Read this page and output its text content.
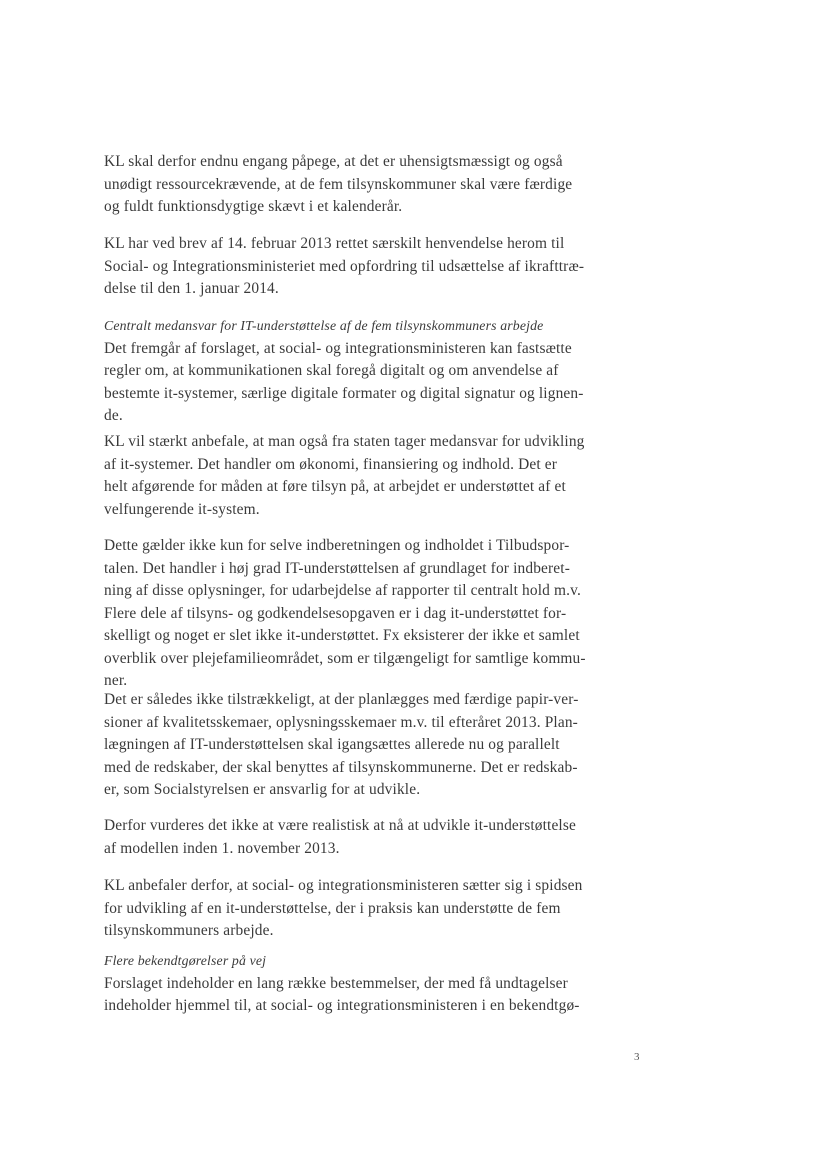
KL skal derfor endnu engang påpege, at det er uhensigtsmæssigt og også
unødigt ressourcekrævende, at de fem tilsynskommuner skal være færdige
og fuldt funktionsdygtige skævt i et kalenderår.
KL har ved brev af 14. februar 2013 rettet særskilt henvendelse herom til
Social- og Integrationsministeriet med opfordring til udsættelse af ikrafttræ-
delse til den 1. januar 2014.
Centralt medansvar for IT-understøttelse af de fem tilsynskommuners arbejde
Det fremgår af forslaget, at social- og integrationsministeren kan fastsætte
regler om, at kommunikationen skal foregå digitalt og om anvendelse af
bestemte it-systemer, særlige digitale formater og digital signatur og lignen-
de.
KL vil stærkt anbefale, at man også fra staten tager medansvar for udvikling
af it-systemer. Det handler om økonomi, finansiering og indhold. Det er
helt afgørende for måden at føre tilsyn på, at arbejdet er understøttet af et
velfungerende it-system.
Dette gælder ikke kun for selve indberetningen og indholdet i Tilbudspor-
talen. Det handler i høj grad IT-understøttelsen af grundlaget for indberet-
ning af disse oplysninger, for udarbejdelse af rapporter til centralt hold m.v.
Flere dele af tilsyns- og godkendelsesopgaven er i dag it-understøttet for-
skelligt og noget er slet ikke it-understøttet. Fx eksisterer der ikke et samlet
overblik over plejefamilieområdet, som er tilgængeligt for samtlige kommu-
ner.
Det er således ikke tilstrækkeligt, at der planlægges med færdige papir-ver-
sioner af kvalitetsskemaer, oplysningsskemaer m.v. til efteråret 2013. Plan-
lægningen af IT-understøttelsen skal igangsættes allerede nu og parallelt
med de redskaber, der skal benyttes af tilsynskommunerne. Det er redskab-
er, som Socialstyrelsen er ansvarlig for at udvikle.
Derfor vurderes det ikke at være realistisk at nå at udvikle it-understøttelse
af modellen inden 1. november 2013.
KL anbefaler derfor, at social- og integrationsministeren sætter sig i spidsen
for udvikling af en it-understøttelse, der i praksis kan understøtte de fem
tilsynskommuners arbejde.
Flere bekendtgørelser på vej
Forslaget indeholder en lang række bestemmelser, der med få undtagelser
indeholder hjemmel til, at social- og integrationsministeren i en bekendtgø-
3
